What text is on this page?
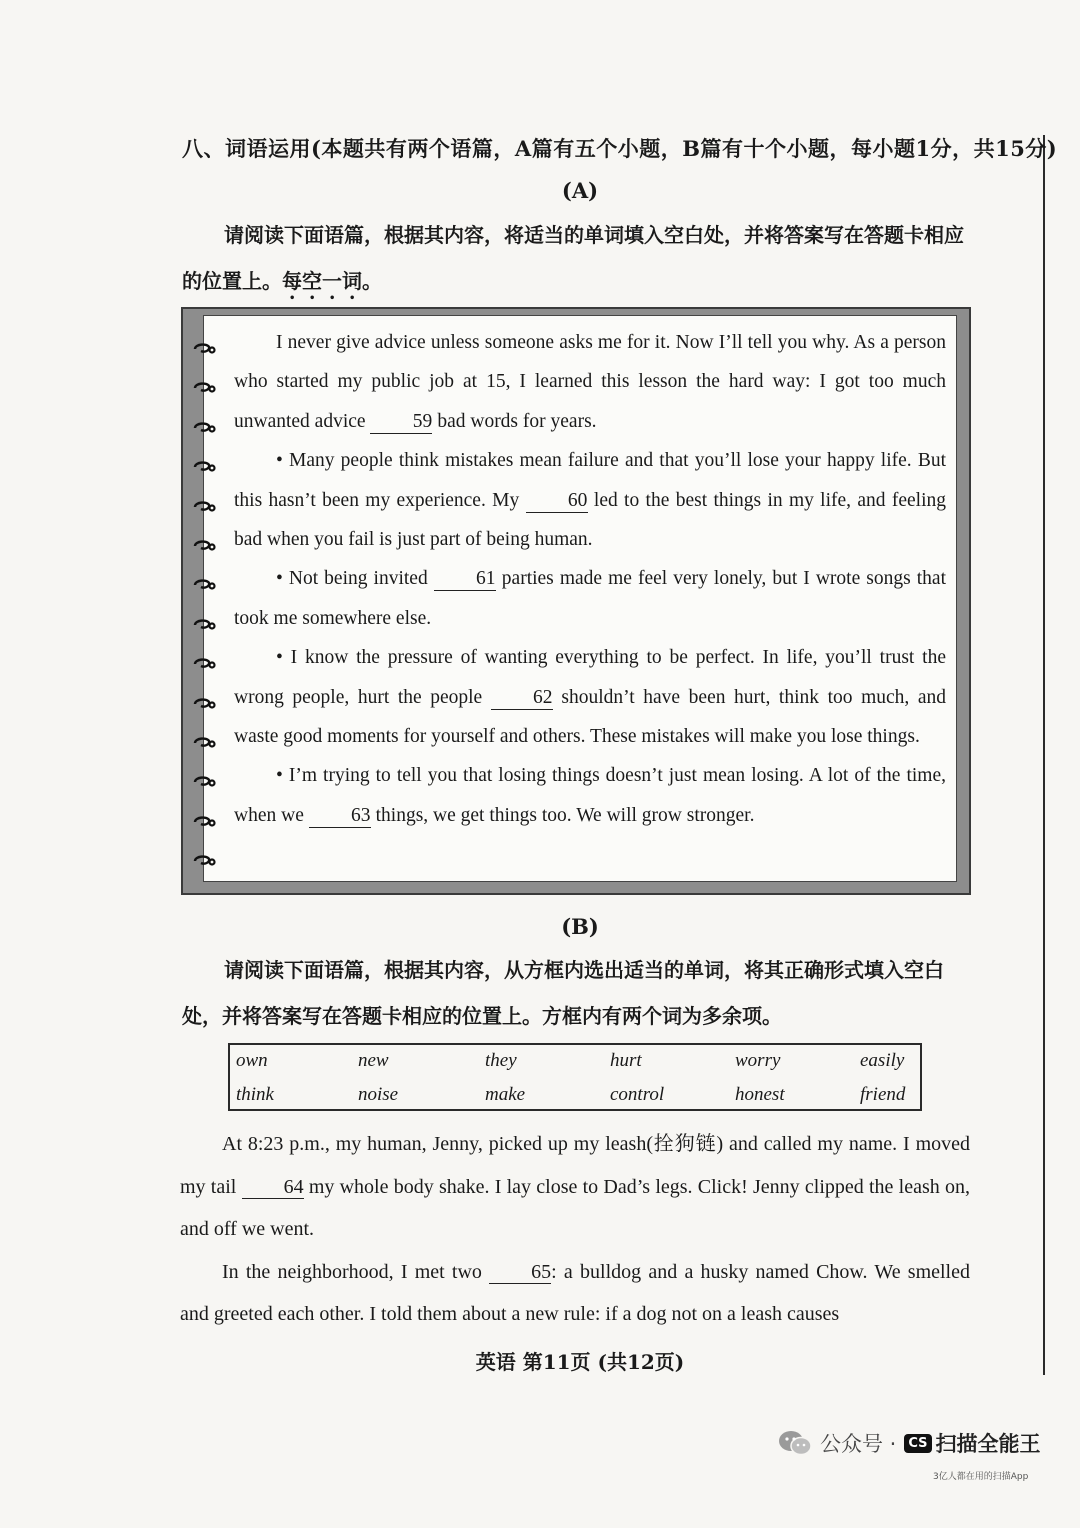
八、词语运用(本题共有两个语篇，A篇有五个小题，B篇有十个小题，每小题1分，共15分)
(A)
请阅读下面语篇，根据其内容，将适当的单词填入空白处，并将答案写在答题卡相应
的位置上。每空一词。

I never give advice unless someone asks me for it. Now I’ll tell you why. As a person who started my public job at 15, I learned this lesson the hard way: I got too much unwanted advice 59 bad words for years.

• Many people think mistakes mean failure and that you’ll lose your happy life. But this hasn’t been my experience. My 60 led to the best things in my life, and feeling bad when you fail is just part of being human.

• Not being invited 61 parties made me feel very lonely, but I wrote songs that took me somewhere else.

• I know the pressure of wanting everything to be perfect. In life, you’ll trust the wrong people, hurt the people 62 shouldn’t have been hurt, think too much, and waste good moments for yourself and others. These mistakes will make you lose things.

• I’m trying to tell you that losing things doesn’t just mean losing. A lot of the time, when we 63 things, we get things too. We will grow stronger.

(B)
请阅读下面语篇，根据其内容，从方框内选出适当的单词，将其正确形式填入空白
处，并将答案写在答题卡相应的位置上。方框内有两个词为多余项。
own	new	they	hurt	worry	easily
think	noise	make	control	honest	friend

At 8:23 p.m., my human, Jenny, picked up my leash(拴狗链) and called my name. I moved my tail 64 my whole body shake. I lay close to Dad’s legs. Click! Jenny clipped the leash on, and off we went.

In the neighborhood, I met two 65: a bulldog and a husky named Chow. We smelled and greeted each other. I told them about a new rule: if a dog not on a leash causes

英语 第11页 (共12页)
公众号 · CS 扫描全能王
3亿人都在用的扫描App
